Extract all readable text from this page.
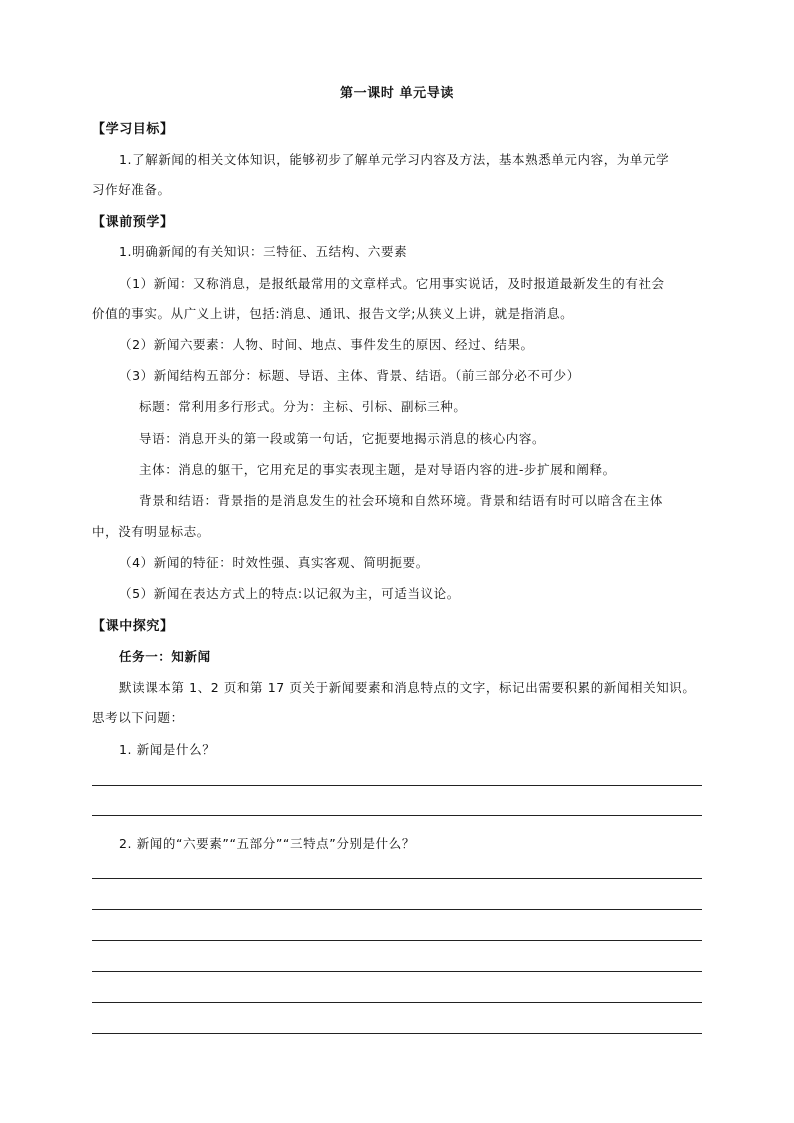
第一课时 单元导读
【学习目标】
1.了解新闻的相关文体知识，能够初步了解单元学习内容及方法，基本熟悉单元内容，为单元学
习作好准备。
【课前预学】
1.明确新闻的有关知识：三特征、五结构、六要素
（1）新闻：又称消息，是报纸最常用的文章样式。它用事实说话，及时报道最新发生的有社会
价值的事实。从广义上讲，包括:消息、通讯、报告文学;从狭义上讲，就是指消息。
（2）新闻六要素：人物、时间、地点、事件发生的原因、经过、结果。
（3）新闻结构五部分：标题、导语、主体、背景、结语。（前三部分必不可少）
标题：常利用多行形式。分为：主标、引标、副标三种。
导语：消息开头的第一段或第一句话，它扼要地揭示消息的核心内容。
主体：消息的躯干，它用充足的事实表现主题，是对导语内容的进-步扩展和阐释。
背景和结语：背景指的是消息发生的社会环境和自然环境。背景和结语有时可以暗含在主体
中，没有明显标志。
（4）新闻的特征：时效性强、真实客观、简明扼要。
（5）新闻在表达方式上的特点:以记叙为主，可适当议论。
【课中探究】
任务一：知新闻
默读课本第 1、2 页和第 17 页关于新闻要素和消息特点的文字，标记出需要积累的新闻相关知识。
思考以下问题：
1. 新闻是什么？
2. 新闻的“六要素”“五部分”“三特点”分别是什么？
